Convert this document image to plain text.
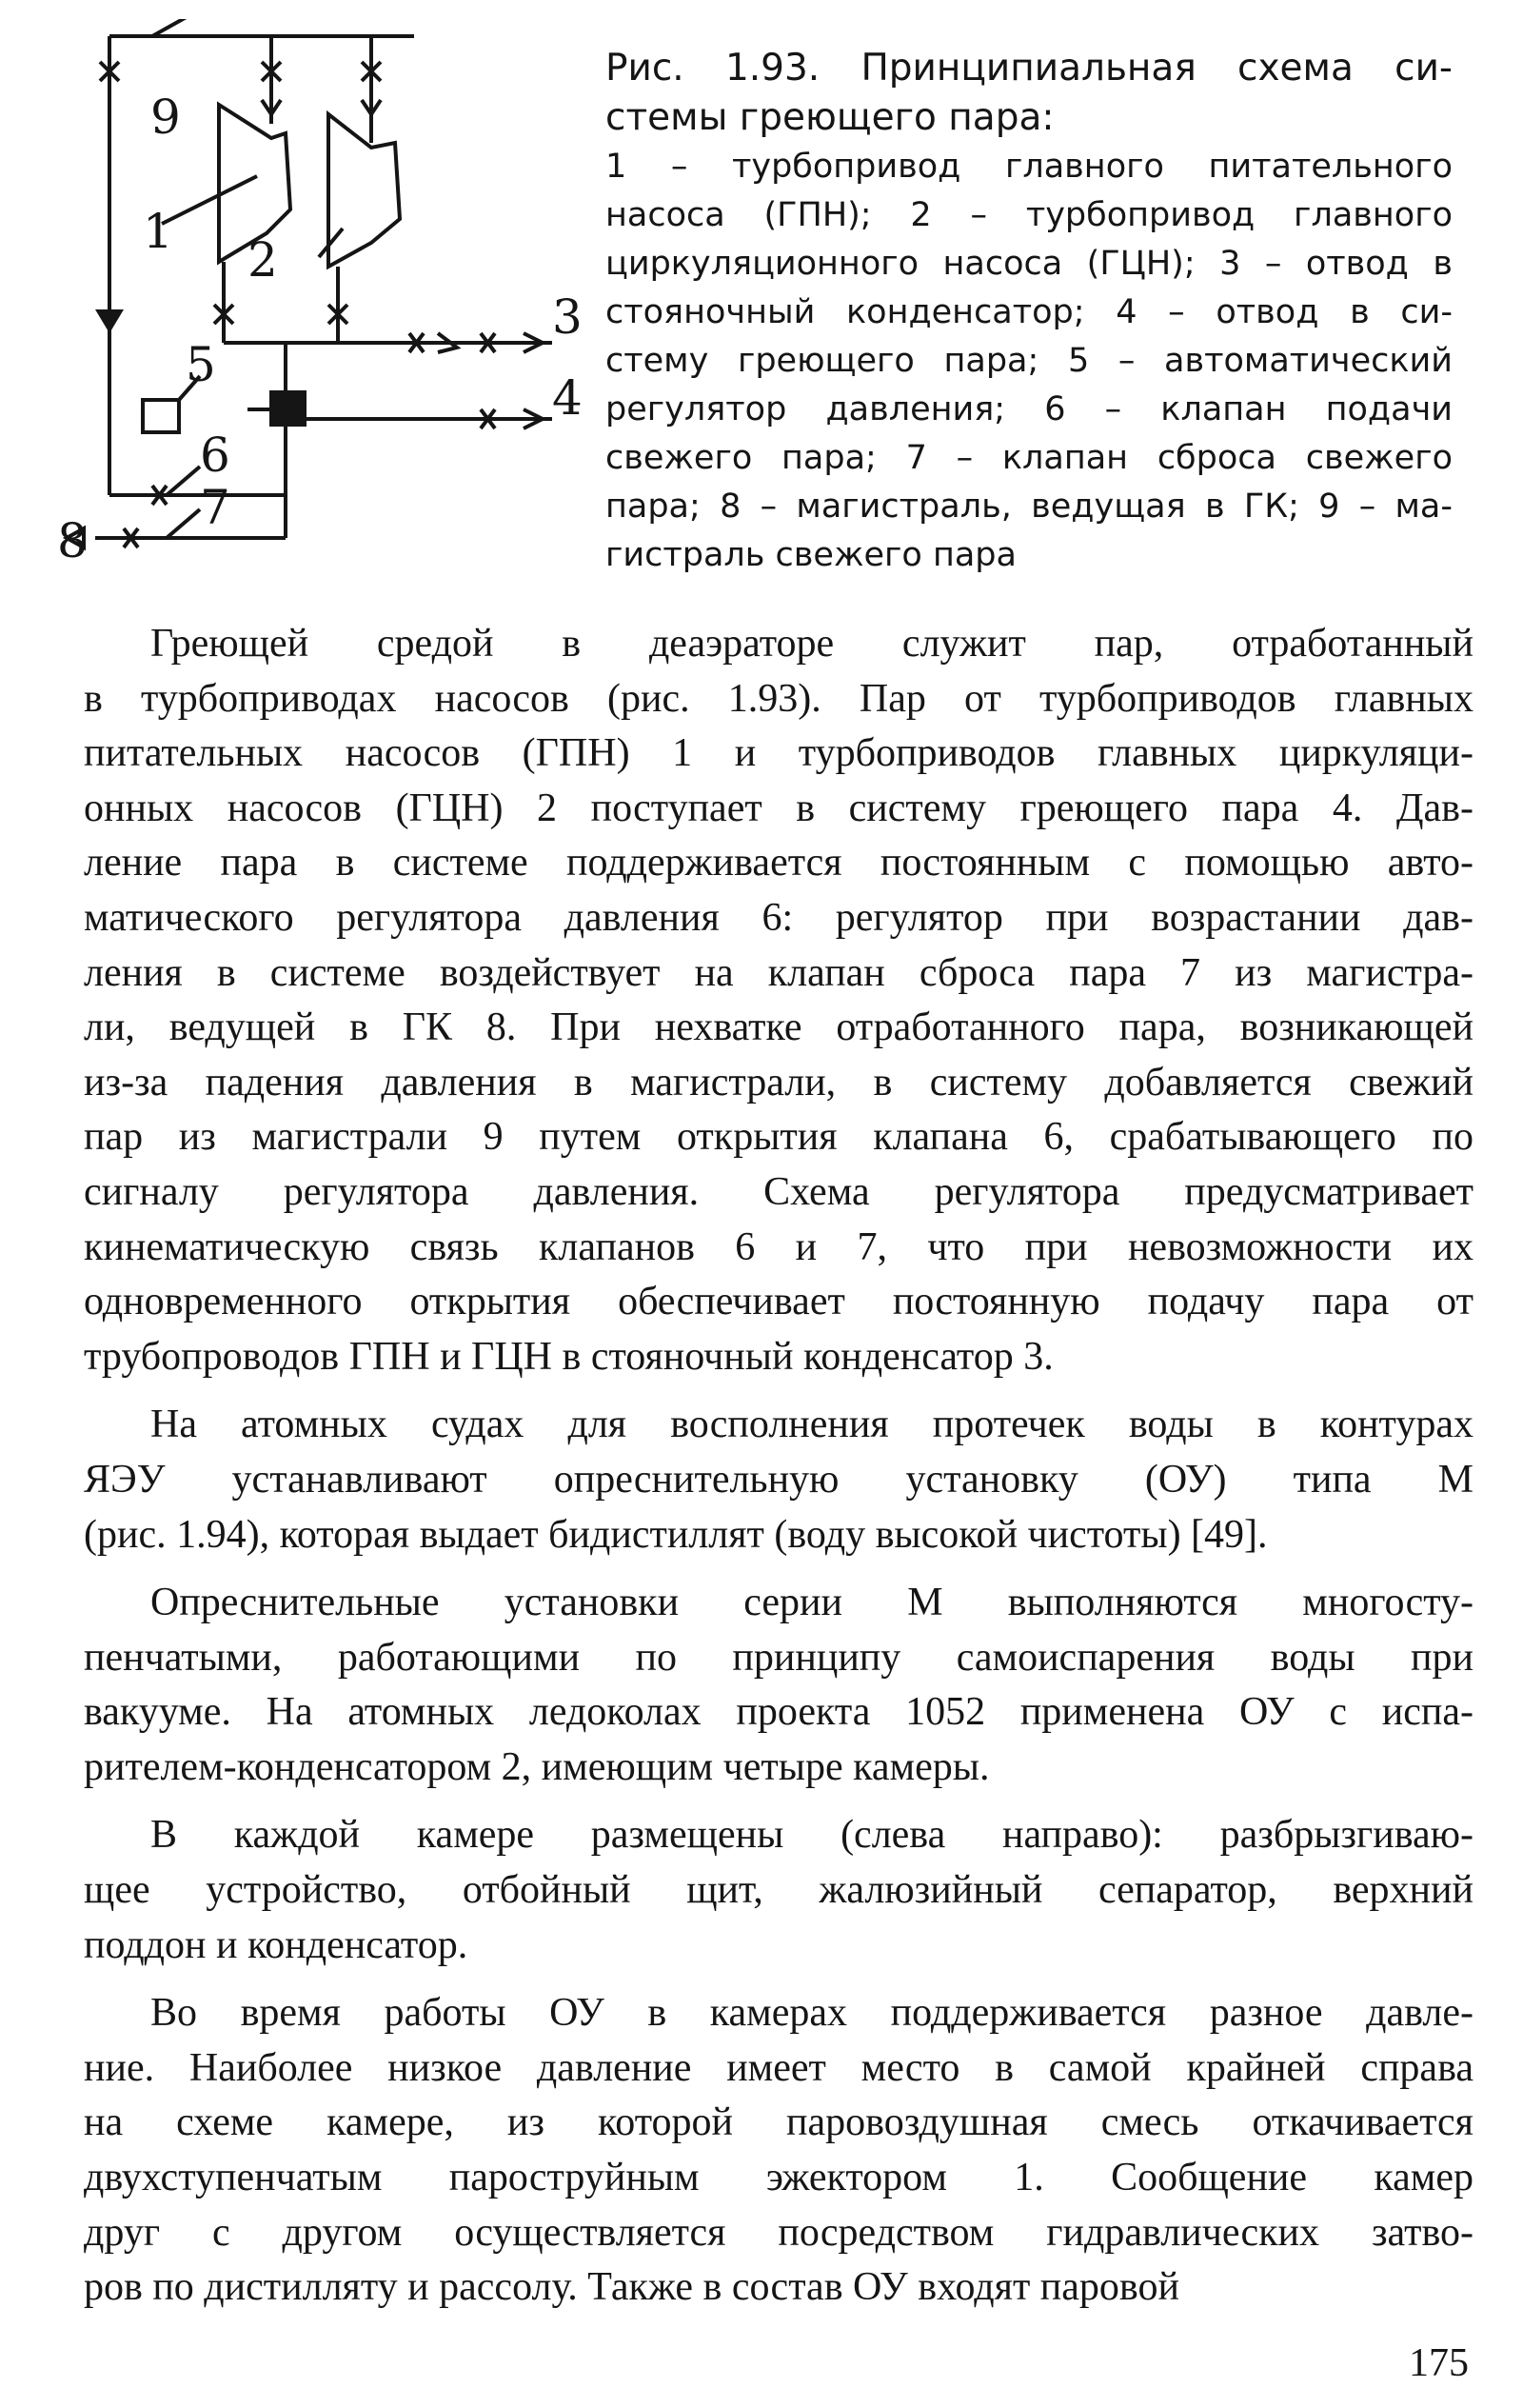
9
1
2
3
4
5
6
7
8
Рис. 1.93. Принципиальная схема си-
стемы греющего пара:
1 – турбопривод главного питательного
насоса (ГПН); 2 – турбопривод главного
циркуляционного насоса (ГЦН); 3 – отвод в
стояночный конденсатор; 4 – отвод в си-
стему греющего пара; 5 – автоматический
регулятор давления; 6 – клапан подачи
свежего пара; 7 – клапан сброса свежего
пара; 8 – магистраль, ведущая в ГК; 9 – ма-
гистраль свежего пара
Греющей средой в деаэраторе служит пар, отработанный
в турбоприводах насосов (рис. 1.93). Пар от турбоприводов главных
питательных насосов (ГПН) 1 и турбоприводов главных циркуляци-
онных насосов (ГЦН) 2 поступает в систему греющего пара 4. Дав-
ление пара в системе поддерживается постоянным с помощью авто-
матического регулятора давления 6: регулятор при возрастании дав-
ления в системе воздействует на клапан сброса пара 7 из магистра-
ли, ведущей в ГК 8. При нехватке отработанного пара, возникающей
из-за падения давления в магистрали, в систему добавляется свежий
пар из магистрали 9 путем открытия клапана 6, срабатывающего по
сигналу регулятора давления. Схема регулятора предусматривает
кинематическую связь клапанов 6 и 7, что при невозможности их
одновременного открытия обеспечивает постоянную подачу пара от
трубопроводов ГПН и ГЦН в стояночный конденсатор 3.
На атомных судах для восполнения протечек воды в контурах
ЯЭУ устанавливают опреснительную установку (ОУ) типа М
(рис. 1.94), которая выдает бидистиллят (воду высокой чистоты) [49].
Опреснительные установки серии М выполняются многосту-
пенчатыми, работающими по принципу самоиспарения воды при
вакууме. На атомных ледоколах проекта 1052 применена ОУ с испа-
рителем-конденсатором 2, имеющим четыре камеры.
В каждой камере размещены (слева направо): разбрызгиваю-
щее устройство, отбойный щит, жалюзийный сепаратор, верхний
поддон и конденсатор.
Во время работы ОУ в камерах поддерживается разное давле-
ние. Наиболее низкое давление имеет место в самой крайней справа
на схеме камере, из которой паровоздушная смесь откачивается
двухступенчатым пароструйным эжектором 1. Сообщение камер
друг с другом осуществляется посредством гидравлических затво-
ров по дистилляту и рассолу. Также в состав ОУ входят паровой
175
